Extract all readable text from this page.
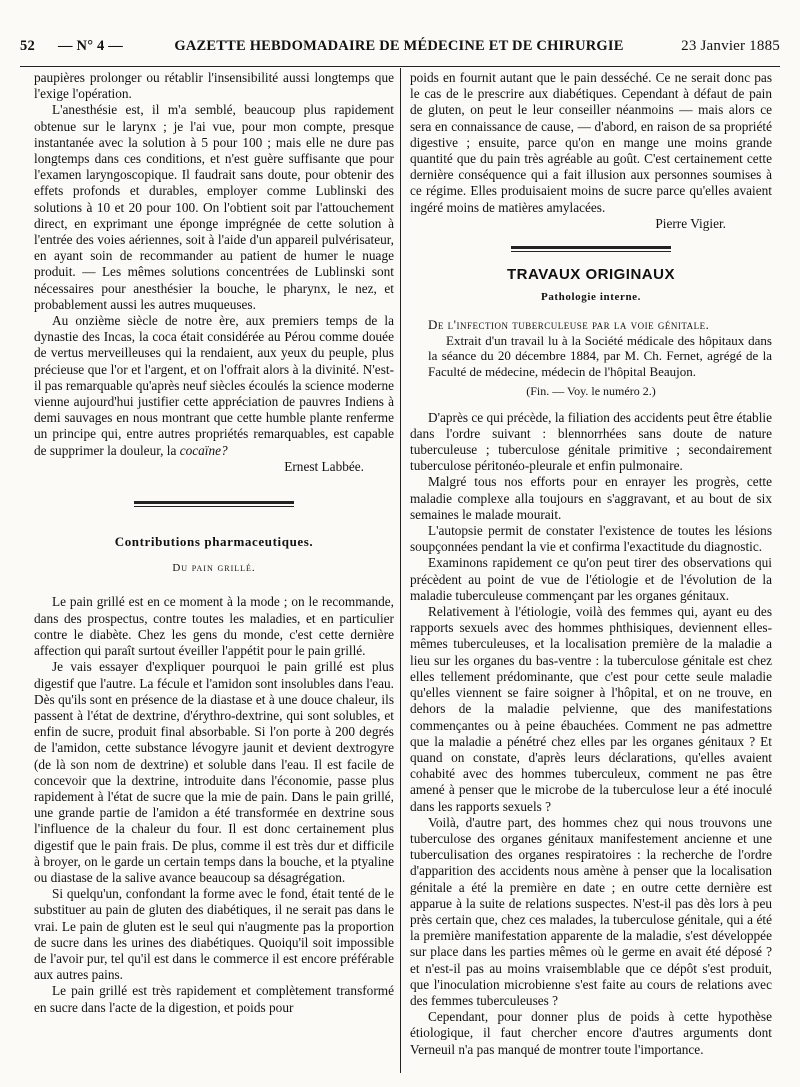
52	— N° 4 —	GAZETTE HEBDOMADAIRE DE MÉDECINE ET DE CHIRURGIE	23 Janvier 1885

paupières prolonger ou rétablir l'insensibilité aussi longtemps que l'exige l'opération.

L'anesthésie est, il m'a semblé, beaucoup plus rapidement obtenue sur le larynx ; je l'ai vue, pour mon compte, presque instantanée avec la solution à 5 pour 100 ; mais elle ne dure pas longtemps dans ces conditions, et n'est guère suffisante que pour l'examen laryngoscopique. Il faudrait sans doute, pour obtenir des effets profonds et durables, employer comme Lublinski des solutions à 10 et 20 pour 100. On l'obtient soit par l'attouchement direct, en exprimant une éponge imprégnée de cette solution à l'entrée des voies aériennes, soit à l'aide d'un appareil pulvérisateur, en ayant soin de recommander au patient de humer le nuage produit. — Les mêmes solutions concentrées de Lublinski sont nécessaires pour anesthésier la bouche, le pharynx, le nez, et probablement aussi les autres muqueuses.

Au onzième siècle de notre ère, aux premiers temps de la dynastie des Incas, la coca était considérée au Pérou comme douée de vertus merveilleuses qui la rendaient, aux yeux du peuple, plus précieuse que l'or et l'argent, et on l'offrait alors à la divinité. N'est-il pas remarquable qu'après neuf siècles écoulés la science moderne vienne aujourd'hui justifier cette appréciation de pauvres Indiens à demi sauvages en nous montrant que cette humble plante renferme un principe qui, entre autres propriétés remarquables, est capable de supprimer la douleur, la cocaïne?

Ernest Labbée.

Contributions pharmaceutiques.
Du pain grillé.

Le pain grillé est en ce moment à la mode ; on le recommande, dans des prospectus, contre toutes les maladies, et en particulier contre le diabète. Chez les gens du monde, c'est cette dernière affection qui paraît surtout éveiller l'appétit pour le pain grillé.

Je vais essayer d'expliquer pourquoi le pain grillé est plus digestif que l'autre. La fécule et l'amidon sont insolubles dans l'eau. Dès qu'ils sont en présence de la diastase et à une douce chaleur, ils passent à l'état de dextrine, d'érythro-dextrine, qui sont solubles, et enfin de sucre, produit final absorbable. Si l'on porte à 200 degrés de l'amidon, cette substance lévogyre jaunit et devient dextrogyre (de là son nom de dextrine) et soluble dans l'eau. Il est facile de concevoir que la dextrine, introduite dans l'économie, passe plus rapidement à l'état de sucre que la mie de pain. Dans le pain grillé, une grande partie de l'amidon a été transformée en dextrine sous l'influence de la chaleur du four. Il est donc certainement plus digestif que le pain frais. De plus, comme il est très dur et difficile à broyer, on le garde un certain temps dans la bouche, et la ptyaline ou diastase de la salive avance beaucoup sa désagrégation.

Si quelqu'un, confondant la forme avec le fond, était tenté de le substituer au pain de gluten des diabétiques, il ne serait pas dans le vrai. Le pain de gluten est le seul qui n'augmente pas la proportion de sucre dans les urines des diabétiques. Quoiqu'il soit impossible de l'avoir pur, tel qu'il est dans le commerce il est encore préférable aux autres pains.

Le pain grillé est très rapidement et complètement transformé en sucre dans l'acte de la digestion, et poids pour

poids en fournit autant que le pain desséché. Ce ne serait donc pas le cas de le prescrire aux diabétiques. Cependant à défaut de pain de gluten, on peut le leur conseiller néanmoins — mais alors ce sera en connaissance de cause, — d'abord, en raison de sa propriété digestive ; ensuite, parce qu'on en mange une moins grande quantité que du pain très agréable au goût. C'est certainement cette dernière conséquence qui a fait illusion aux personnes soumises à ce régime. Elles produisaient moins de sucre parce qu'elles avaient ingéré moins de matières amylacées.

Pierre Vigier.

TRAVAUX ORIGINAUX
Pathologie interne.

De l'infection tuberculeuse par la voie génitale.

Extrait d'un travail lu à la Société médicale des hôpitaux dans la séance du 20 décembre 1884, par M. Ch. Fernet, agrégé de la Faculté de médecine, médecin de l'hôpital Beaujon.

(Fin. — Voy. le numéro 2.)

D'après ce qui précède, la filiation des accidents peut être établie dans l'ordre suivant : blennorrhées sans doute de nature tuberculeuse ; tuberculose génitale primitive ; secondairement tuberculose péritonéo-pleurale et enfin pulmonaire.

Malgré tous nos efforts pour en enrayer les progrès, cette maladie complexe alla toujours en s'aggravant, et au bout de six semaines le malade mourait.

L'autopsie permit de constater l'existence de toutes les lésions soupçonnées pendant la vie et confirma l'exactitude du diagnostic.

Examinons rapidement ce qu'on peut tirer des observations qui précèdent au point de vue de l'étiologie et de l'évolution de la maladie tuberculeuse commençant par les organes génitaux.

Relativement à l'étiologie, voilà des femmes qui, ayant eu des rapports sexuels avec des hommes phthisiques, deviennent elles-mêmes tuberculeuses, et la localisation première de la maladie a lieu sur les organes du bas-ventre : la tuberculose génitale est chez elles tellement prédominante, que c'est pour cette seule maladie qu'elles viennent se faire soigner à l'hôpital, et on ne trouve, en dehors de la maladie pelvienne, que des manifestations commençantes ou à peine ébauchées. Comment ne pas admettre que la maladie a pénétré chez elles par les organes génitaux ? Et quand on constate, d'après leurs déclarations, qu'elles avaient cohabité avec des hommes tuberculeux, comment ne pas être amené à penser que le microbe de la tuberculose leur a été inoculé dans les rapports sexuels ?

Voilà, d'autre part, des hommes chez qui nous trouvons une tuberculose des organes génitaux manifestement ancienne et une tuberculisation des organes respiratoires : la recherche de l'ordre d'apparition des accidents nous amène à penser que la localisation génitale a été la première en date ; en outre cette dernière est apparue à la suite de relations suspectes. N'est-il pas dès lors à peu près certain que, chez ces malades, la tuberculose génitale, qui a été la première manifestation apparente de la maladie, s'est développée sur place dans les parties mêmes où le germe en avait été déposé ? et n'est-il pas au moins vraisemblable que ce dépôt s'est produit, que l'inoculation microbienne s'est faite au cours de relations avec des femmes tuberculeuses ?

Cependant, pour donner plus de poids à cette hypothèse étiologique, il faut chercher encore d'autres arguments dont Verneuil n'a pas manqué de montrer toute l'importance.
